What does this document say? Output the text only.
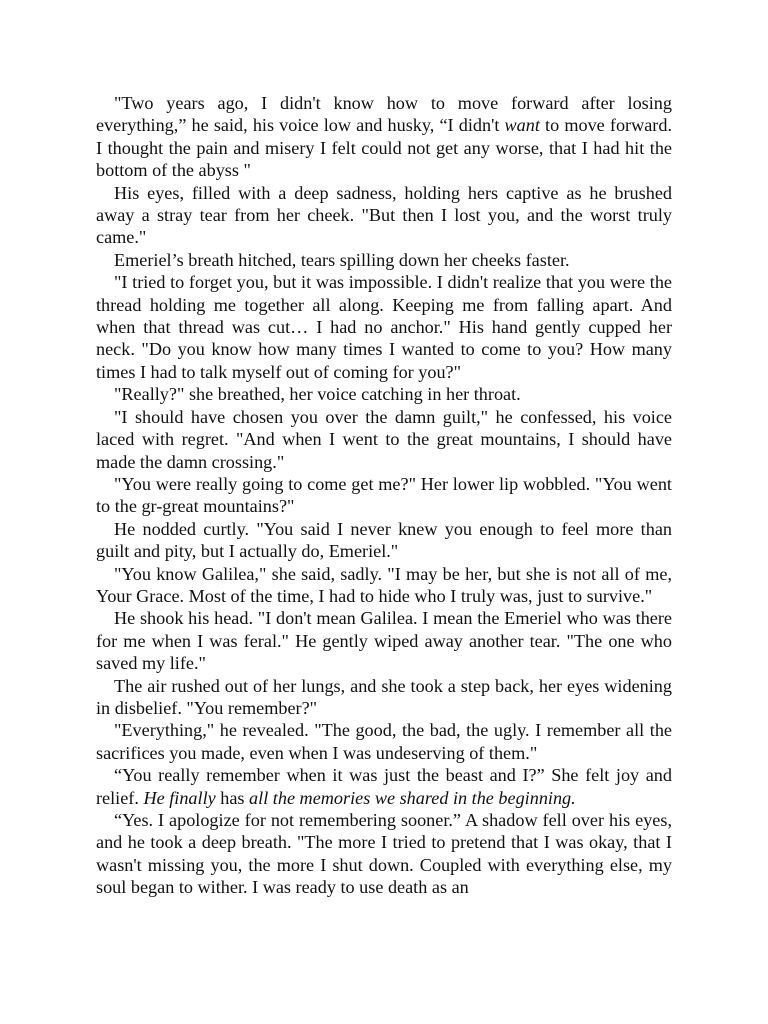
"Two years ago, I didn't know how to move forward after losing everything,” he said, his voice low and husky, “I didn't want to move forward. I thought the pain and misery I felt could not get any worse, that I had hit the bottom of the abyss "

His eyes, filled with a deep sadness, holding hers captive as he brushed away a stray tear from her cheek. "But then I lost you, and the worst truly came."

Emeriel’s breath hitched, tears spilling down her cheeks faster.

"I tried to forget you, but it was impossible. I didn't realize that you were the thread holding me together all along. Keeping me from falling apart. And when that thread was cut… I had no anchor." His hand gently cupped her neck. "Do you know how many times I wanted to come to you? How many times I had to talk myself out of coming for you?"

"Really?" she breathed, her voice catching in her throat.

"I should have chosen you over the damn guilt," he confessed, his voice laced with regret. "And when I went to the great mountains, I should have made the damn crossing."

"You were really going to come get me?" Her lower lip wobbled. "You went to the gr-great mountains?"

He nodded curtly. "You said I never knew you enough to feel more than guilt and pity, but I actually do, Emeriel."

"You know Galilea," she said, sadly. "I may be her, but she is not all of me, Your Grace. Most of the time, I had to hide who I truly was, just to survive."

He shook his head. "I don't mean Galilea. I mean the Emeriel who was there for me when I was feral." He gently wiped away another tear. "The one who saved my life."

The air rushed out of her lungs, and she took a step back, her eyes widening in disbelief. "You remember?"

"Everything," he revealed. "The good, the bad, the ugly. I remember all the sacrifices you made, even when I was undeserving of them."

“You really remember when it was just the beast and I?” She felt joy and relief. He finally has all the memories we shared in the beginning.

“Yes. I apologize for not remembering sooner.” A shadow fell over his eyes, and he took a deep breath. "The more I tried to pretend that I was okay, that I wasn't missing you, the more I shut down. Coupled with everything else, my soul began to wither. I was ready to use death as an
